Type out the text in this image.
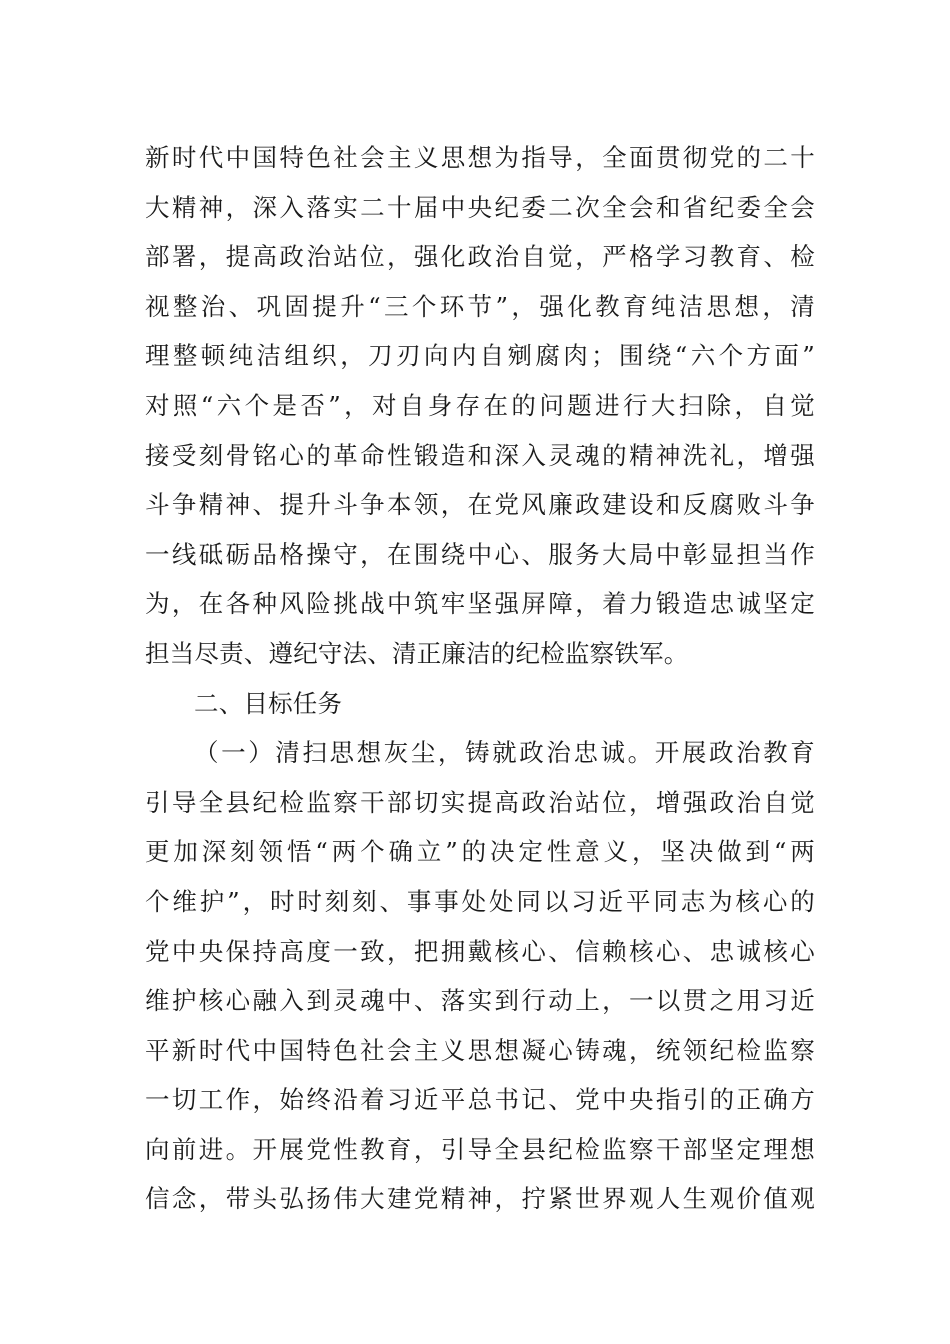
新时代中国特色社会主义思想为指导，全面贯彻党的二十
大精神，深入落实二十届中央纪委二次全会和省纪委全会
部署，提高政治站位，强化政治自觉，严格学习教育、检
视整治、巩固提升“三个环节”，强化教育纯洁思想，清
理整顿纯洁组织，刀刃向内自剜腐肉；围绕“六个方面”
对照“六个是否”，对自身存在的问题进行大扫除，自觉
接受刻骨铭心的革命性锻造和深入灵魂的精神洗礼，增强
斗争精神、提升斗争本领，在党风廉政建设和反腐败斗争
一线砥砺品格操守，在围绕中心、服务大局中彰显担当作
为，在各种风险挑战中筑牢坚强屏障，着力锻造忠诚坚定
担当尽责、遵纪守法、清正廉洁的纪检监察铁军。
二、目标任务
（一）清扫思想灰尘，铸就政治忠诚。开展政治教育
引导全县纪检监察干部切实提高政治站位，增强政治自觉
更加深刻领悟“两个确立”的决定性意义，坚决做到“两
个维护”，时时刻刻、事事处处同以习近平同志为核心的
党中央保持高度一致，把拥戴核心、信赖核心、忠诚核心
维护核心融入到灵魂中、落实到行动上，一以贯之用习近
平新时代中国特色社会主义思想凝心铸魂，统领纪检监察
一切工作，始终沿着习近平总书记、党中央指引的正确方
向前进。开展党性教育，引导全县纪检监察干部坚定理想
信念，带头弘扬伟大建党精神，拧紧世界观人生观价值观
